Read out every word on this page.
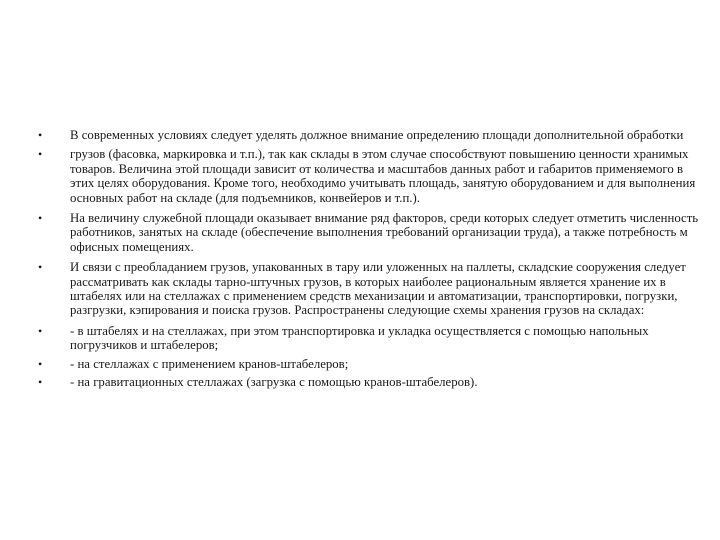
•	В современных условиях следует уделять должное внимание определению площади дополнительной обработки
•	грузов (фасовка, маркировка и т.п.), так как склады в этом случае способствуют повышению ценности хранимых товаров. Величина этой площади зависит от количества и масштабов данных работ и габаритов применяемого в этих целях оборудования. Кроме того, необходимо учитывать площадь, занятую оборудованием и для выполнения основных работ на складе (для подъемников, конвейеров и т.п.).
•	На величину служебной площади оказывает внимание ряд факторов, среди которых следует отметить численность работников, занятых на складе (обеспечение выполнения требований организации труда), а также потребность м офисных помещениях.
•	И связи с преобладанием грузов, упакованных в тару или уложенных на паллеты, складские сооружения следует рассматривать как склады тарно-штучных грузов, в которых наиболее рациональным является хранение их в штабелях или на стеллажах с применением средств механизации и автоматизации, транспортировки, погрузки, разгрузки, кэпирования и поиска грузов. Распространены следующие схемы хранения грузов на складах:
•	- в штабелях и на стеллажах, при этом транспортировка и укладка осуществляется с помощью напольных погрузчиков и штабелеров;
•	- на стеллажах с применением кранов-штабелеров;
•	- на гравитационных стеллажах (загрузка с помощью кранов-штабелеров).
